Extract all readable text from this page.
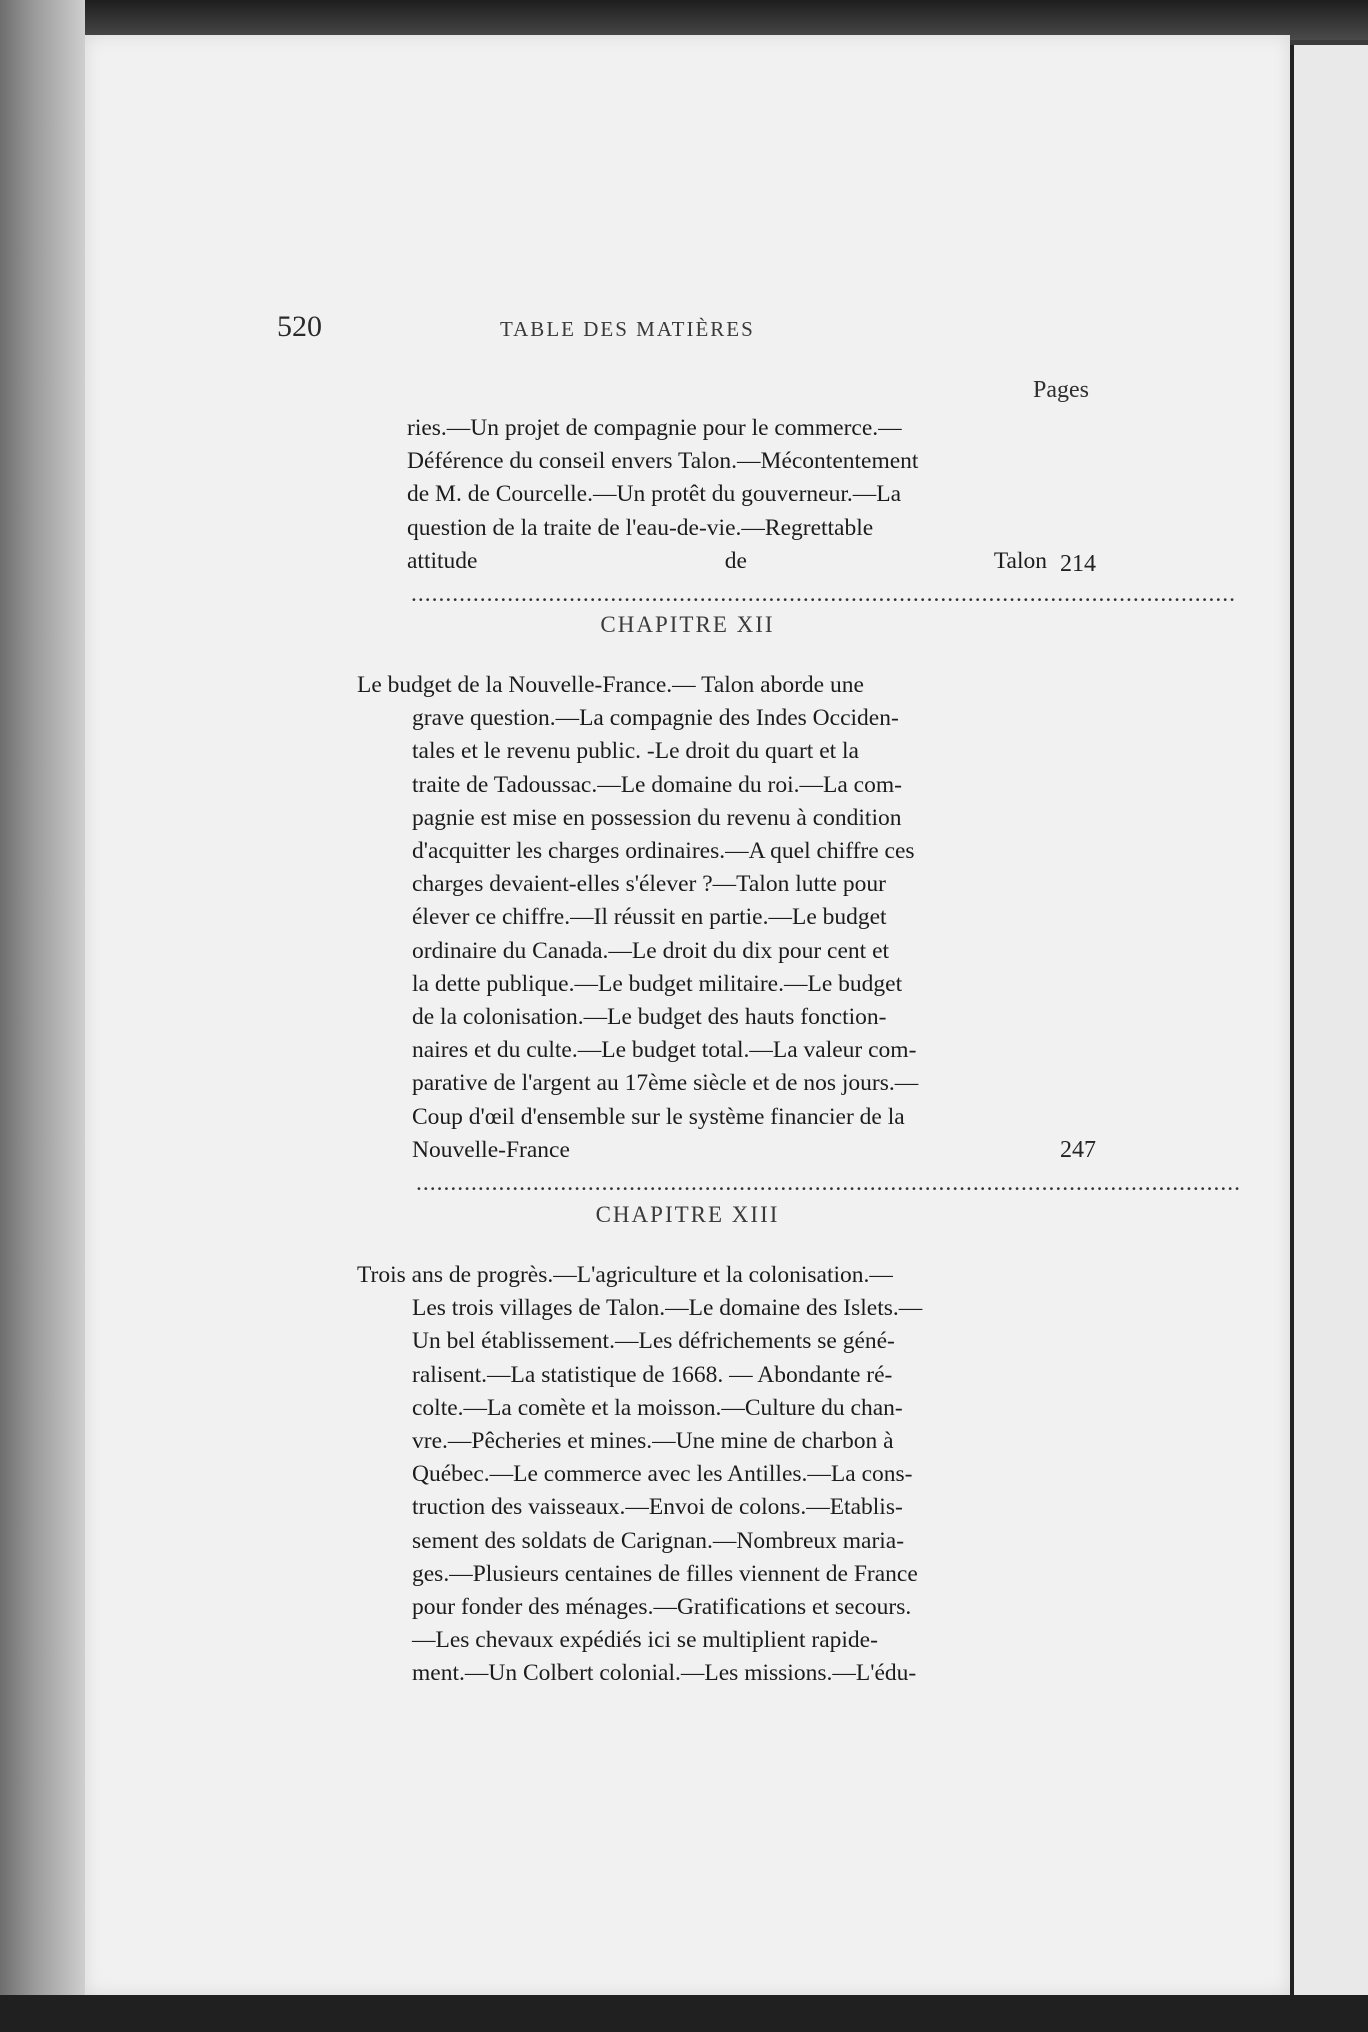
520	TABLE DES MATIÈRES
Pages
ries.—Un projet de compagnie pour le commerce.—
Déférence du conseil envers Talon.—Mécontentement
de M. de Courcelle.—Un protêt du gouverneur.—La
question de la traite de l'eau-de-vie.—Regrettable
attitude de Talon ........................................................................................................................
214
CHAPITRE XII
Le budget de la Nouvelle-France.— Talon aborde une
grave question.—La compagnie des Indes Occiden-
tales et le revenu public. -Le droit du quart et la
traite de Tadoussac.—Le domaine du roi.—La com-
pagnie est mise en possession du revenu à condition
d'acquitter les charges ordinaires.—A quel chiffre ces
charges devaient-elles s'élever ?—Talon lutte pour
élever ce chiffre.—Il réussit en partie.—Le budget
ordinaire du Canada.—Le droit du dix pour cent et
la dette publique.—Le budget militaire.—Le budget
de la colonisation.—Le budget des hauts fonction-
naires et du culte.—Le budget total.—La valeur com-
parative de l'argent au 17ème siècle et de nos jours.—
Coup d'œil d'ensemble sur le système financier de la
Nouvelle-France ........................................................................................................................
247
CHAPITRE XIII
Trois ans de progrès.—L'agriculture et la colonisation.—
Les trois villages de Talon.—Le domaine des Islets.—
Un bel établissement.—Les défrichements se géné-
ralisent.—La statistique de 1668. — Abondante ré-
colte.—La comète et la moisson.—Culture du chan-
vre.—Pêcheries et mines.—Une mine de charbon à
Québec.—Le commerce avec les Antilles.—La cons-
truction des vaisseaux.—Envoi de colons.—Etablis-
sement des soldats de Carignan.—Nombreux maria-
ges.—Plusieurs centaines de filles viennent de France
pour fonder des ménages.—Gratifications et secours.
—Les chevaux expédiés ici se multiplient rapide-
ment.—Un Colbert colonial.—Les missions.—L'édu-
